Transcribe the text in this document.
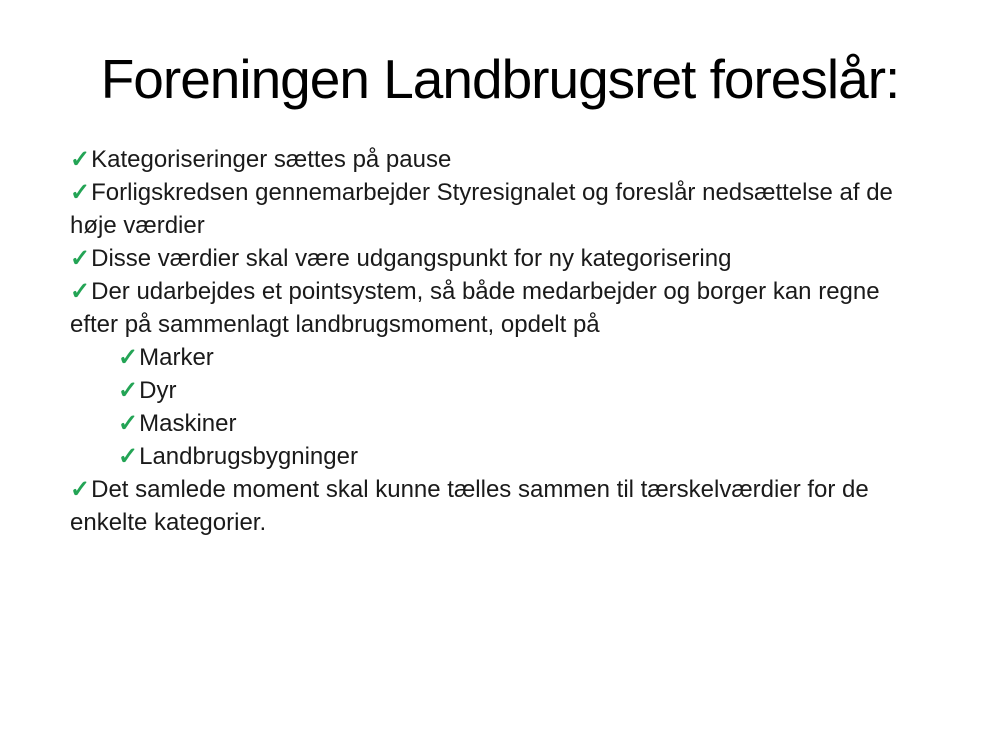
Foreningen Landbrugsret foreslår:
✓Kategoriseringer sættes på pause
✓Forligskredsen gennemarbejder Styresignalet og foreslår nedsættelse af de høje værdier
✓Disse værdier skal være udgangspunkt for ny kategorisering
✓Der udarbejdes et pointsystem, så både medarbejder og borger kan regne efter på sammenlagt landbrugsmoment, opdelt på
✓Marker
✓Dyr
✓Maskiner
✓Landbrugsbygninger
✓Det samlede moment skal kunne tælles sammen til tærskelværdier for de enkelte kategorier.
